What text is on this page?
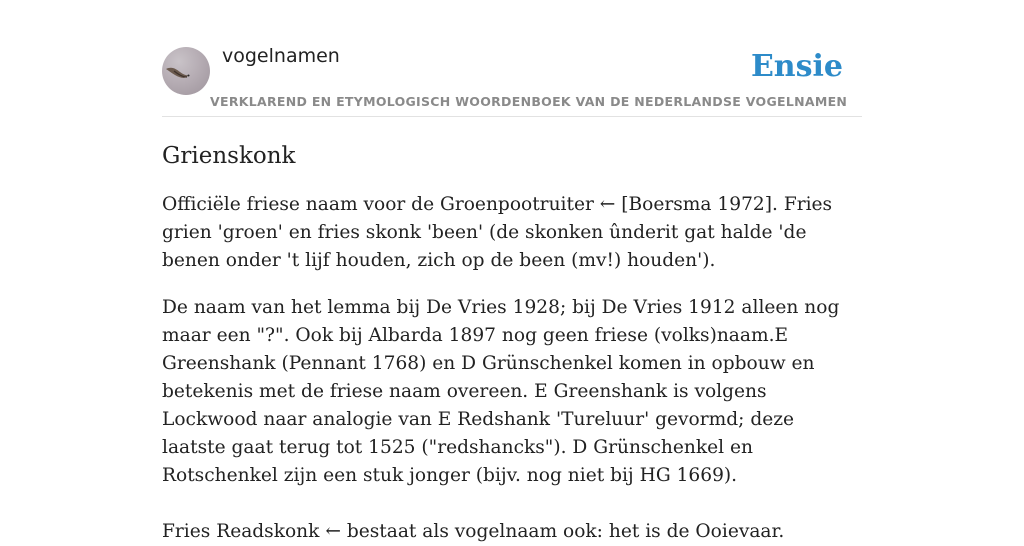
vogelnamen
VERKLAREND EN ETYMOLOGISCH WOORDENBOEK VAN DE NEDERLANDSE VOGELNAMEN
Ensie
Grienskonk

Officiële friese naam voor de Groenpootruiter ← [Boersma 1972]. Fries grien 'groen' en fries skonk 'been' (de skonken ûnderit gat halde 'de benen onder 't lijf houden, zich op de been (mv!) houden').

De naam van het lemma bij De Vries 1928; bij De Vries 1912 alleen nog maar een "?". Ook bij Albarda 1897 nog geen friese (volks)naam.E Greenshank (Pennant 1768) en D Grünschenkel komen in opbouw en betekenis met de friese naam overeen. E Greenshank is volgens Lockwood naar analogie van E Redshank 'Tureluur' gevormd; deze laatste gaat terug tot 1525 ("redshancks"). D Grünschenkel en Rotschenkel zijn een stuk jonger (bijv. nog niet bij HG 1669).

Fries Readskonk ← bestaat als vogelnaam ook: het is de Ooievaar.
